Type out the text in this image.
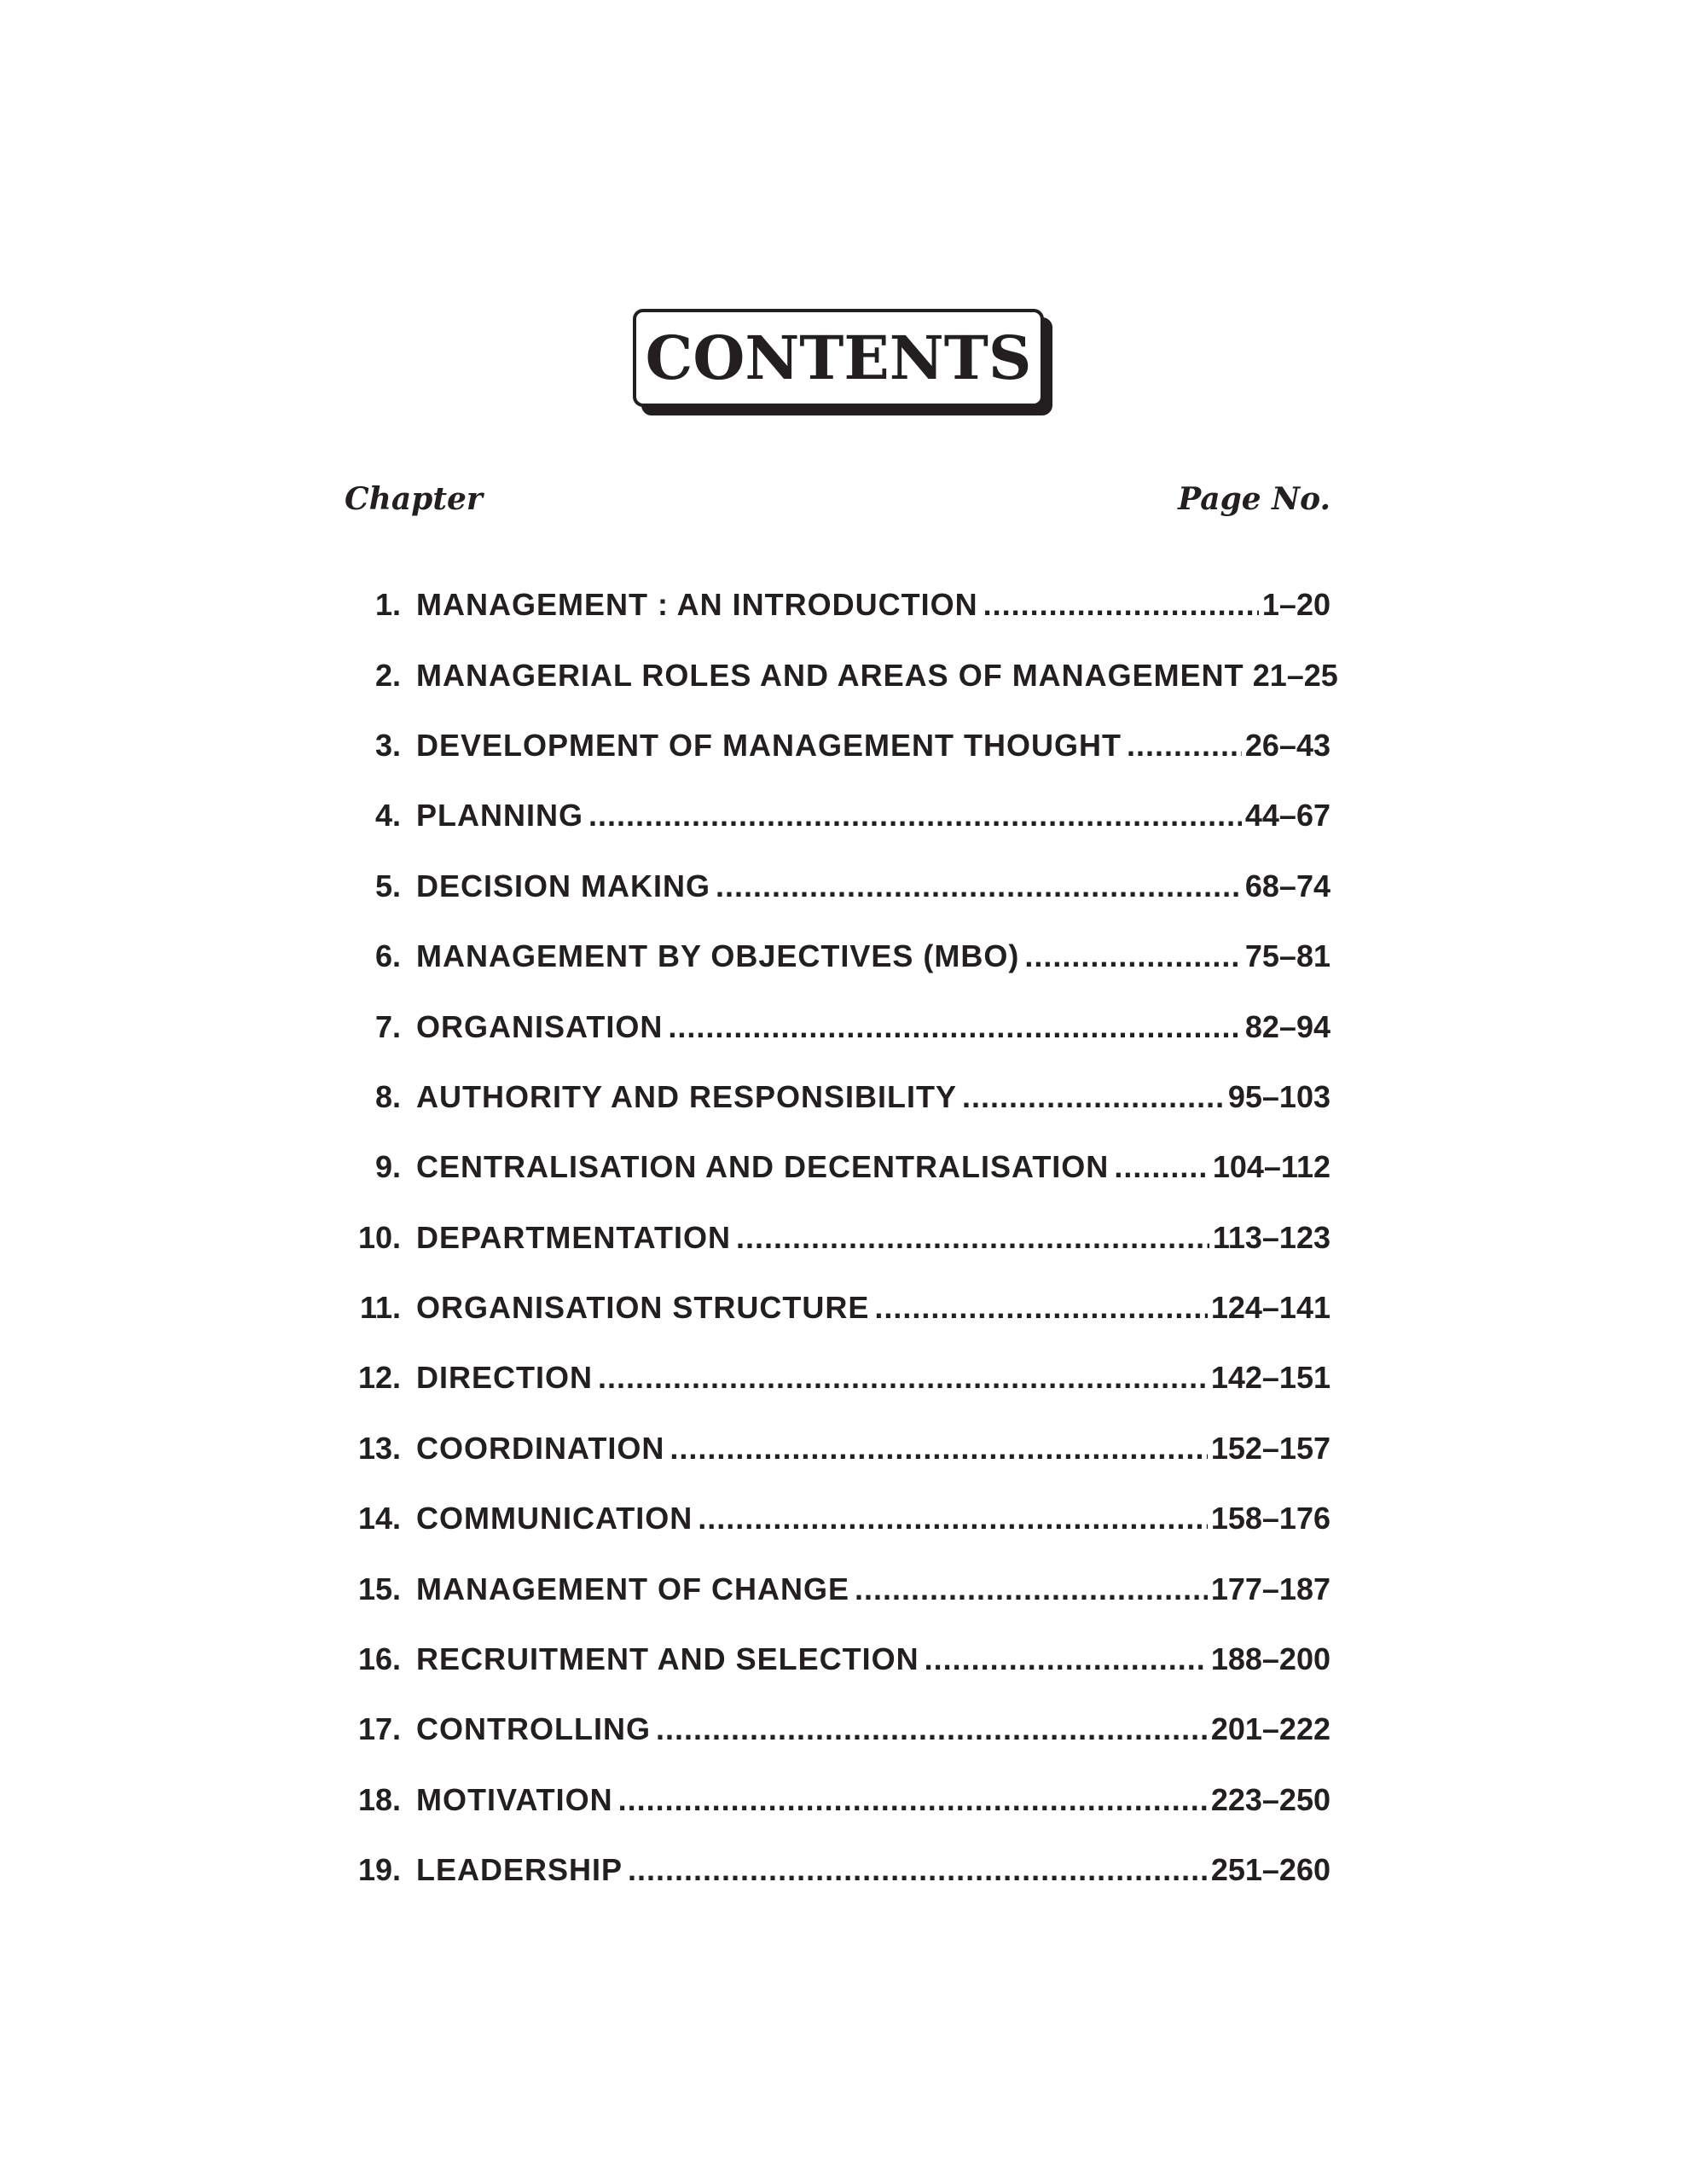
CONTENTS
Chapter	Page No.
1. MANAGEMENT : AN INTRODUCTION .....	1–20
2. MANAGERIAL ROLES AND AREAS OF MANAGEMENT 21–25
3. DEVELOPMENT OF MANAGEMENT THOUGHT .....	26–43
4. PLANNING .....	44–67
5. DECISION MAKING .....	68–74
6. MANAGEMENT BY OBJECTIVES (MBO) .....	75–81
7. ORGANISATION .....	82–94
8. AUTHORITY AND RESPONSIBILITY .....	95–103
9. CENTRALISATION AND DECENTRALISATION .....	104–112
10. DEPARTMENTATION .....	113–123
11. ORGANISATION STRUCTURE .....	124–141
12. DIRECTION .....	142–151
13. COORDINATION .....	152–157
14. COMMUNICATION .....	158–176
15. MANAGEMENT OF CHANGE .....	177–187
16. RECRUITMENT AND SELECTION .....	188–200
17. CONTROLLING .....	201–222
18. MOTIVATION .....	223–250
19. LEADERSHIP .....	251–260
